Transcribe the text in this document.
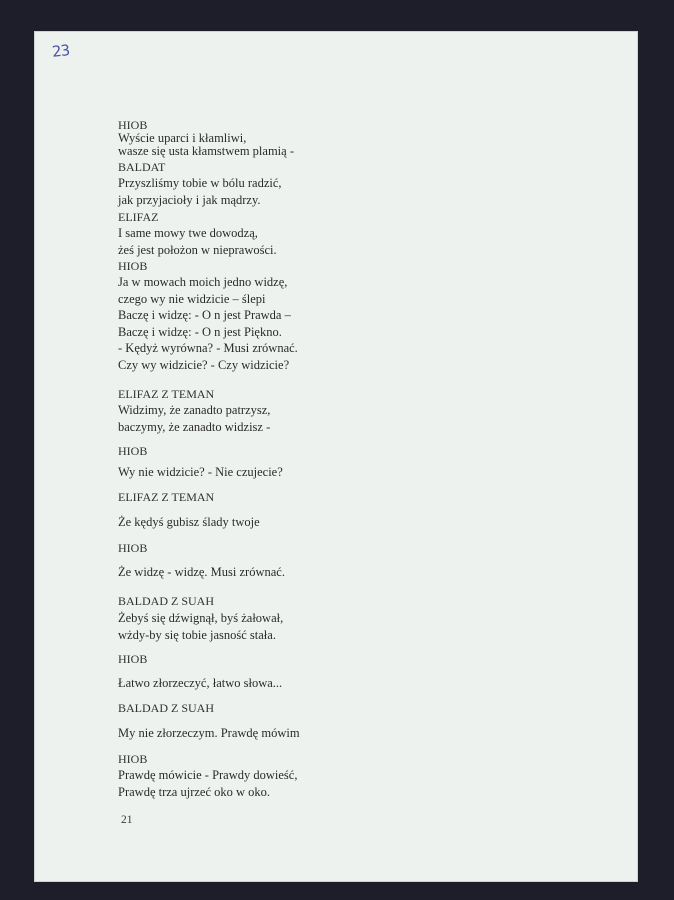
23

HIOB

Wyście uparci i kłamliwi,

wasze się usta kłamstwem plamią -

BALDAT

Przyszliśmy tobie w bólu radzić,

jak przyjacioły i jak mądrzy.

ELIFAZ

I same mowy twe dowodzą,

żeś jest położon w nieprawości.

HIOB

Ja w mowach moich jedno widzę,

czego wy nie widzicie – ślepi

Baczę i widzę: - O n jest Prawda –

Baczę i widzę: - O n jest Piękno.

- Kędyż wyrówna? - Musi zrównać.

Czy wy widzicie? - Czy widzicie?

ELIFAZ Z TEMAN

Widzimy, że zanadto patrzysz,

baczymy, że zanadto widzisz -

HIOB

Wy nie widzicie? - Nie czujecie?

ELIFAZ Z TEMAN

Że kędyś gubisz ślady twoje

HIOB

Że widzę - widzę. Musi zrównać.

BALDAD Z SUAH

Żebyś się dźwignął, byś żałował,

wżdy-by się tobie jasność stała.

HIOB

Łatwo złorzeczyć, łatwo słowa...

BALDAD Z SUAH

My nie złorzeczym. Prawdę mówim

HIOB

Prawdę mówicie - Prawdy dowieść,

Prawdę trza ujrzeć oko w oko.

21
